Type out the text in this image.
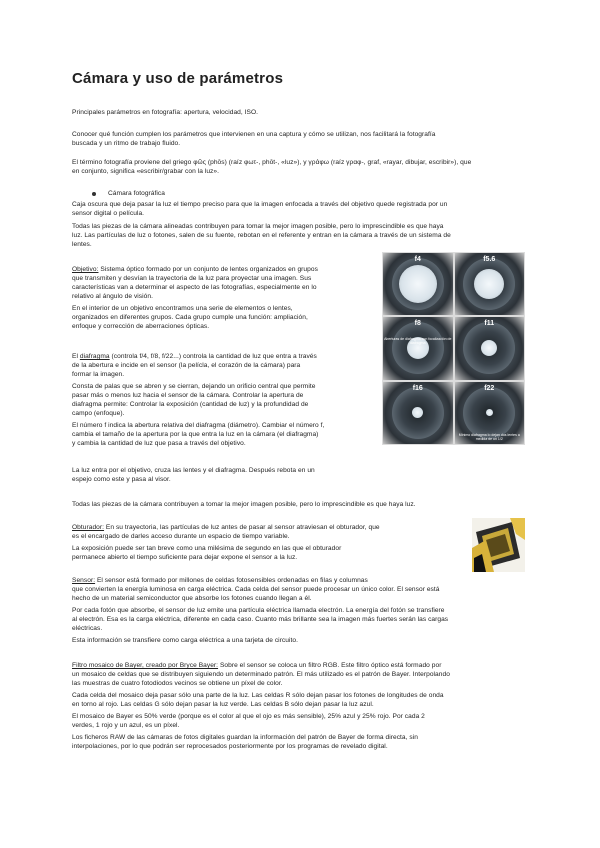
Cámara y uso de parámetros
Principales parámetros en fotografía: apertura, velocidad, ISO.
Conocer qué función cumplen los parámetros que intervienen en una captura y cómo se utilizan, nos facilitará la fotografía
buscada y un ritmo de trabajo fluido.
El término fotografía proviene del griego φῶς (phōs) (raíz φωτ-, phōt-, «luz»), y γράφω (raíz γραφ-, graf, «rayar, dibujar, escribir»), que
en conjunto, significa «escribir/grabar con la luz».
Cámara fotográfica
Caja oscura que deja pasar la luz el tiempo preciso para que la imagen enfocada a través del objetivo quede registrada por un
sensor digital o película.
Todas las piezas de la cámara alineadas contribuyen para tomar la mejor imagen posible, pero lo imprescindible es que haya
luz. Las partículas de luz o fotones, salen de su fuente, rebotan en el referente y entran en la cámara a través de un sistema de
lentes.
Objetivo: Sistema óptico formado por un conjunto de lentes organizados en grupos
que transmiten y desvían la trayectoria de la luz para proyectar una imagen. Sus
características van a determinar el aspecto de las fotografías, especialmente en lo
relativo al ángulo de visión.
En el interior de un objetivo encontramos una serie de elementos o lentes,
organizados en diferentes grupos. Cada grupo cumple una función: ampliación,
enfoque y corrección de aberraciones ópticas.
El diafragma (controla f/4, f/8, f/22...) controla la cantidad de luz que entra a través
de la abertura e incide en el sensor (la pelícla, el corazón de la cámara) para
formar la imagen.
Consta de palas que se abren y se cierran, dejando un orificio central que permite
pasar más o menos luz hacia el sensor de la cámara. Controlar la apertura de
diafragma permite: Controlar la exposición (cantidad de luz) y la profundidad de
campo (enfoque).
El número f indica la abertura relativa del diafragma (diámetro). Cambiar el número f,
cambia el tamaño de la apertura por la que entra la luz en la cámara (el diafragma)
y cambia la cantidad de luz que pasa a través del objetivo.
La luz entra por el objetivo, cruza las lentes y el diafragma. Después rebota en un
espejo como este y pasa al visor.
Todas las piezas de la cámara contribuyen a tomar la mejor imagen posible, pero lo imprescindible es que haya luz.
f4	f5.6
f8
Aberturas de diafragma con focalización de diafragma
f11
f16	f22
Mínimo diafragma lo dejan dos lentes a medida de un 1/2
Obturador: En su trayectoria, las partículas de luz antes de pasar al sensor atraviesan el obturador, que
es el encargado de darles acceso durante un espacio de tiempo variable.
La exposición puede ser tan breve como una milésima de segundo en las que el obturador
permanece abierto el tiempo suficiente para dejar expone el sensor a la luz.
Sensor: El sensor está formado por millones de celdas fotosensibles ordenadas en filas y columnas
que convierten la energía luminosa en carga eléctrica. Cada celda del sensor puede procesar un único color. El sensor está
hecho de un material semiconductor que absorbe los fotones cuando llegan a él.
Por cada fotón que absorbe, el sensor de luz emite una partícula eléctrica llamada electrón. La energía del fotón se transfiere
al electrón. Esa es la carga eléctrica, diferente en cada caso. Cuanto más brillante sea la imagen más fuertes serán las cargas
eléctricas.
Esta información se transfiere como carga eléctrica a una tarjeta de circuito.
Filtro mosaico de Bayer, creado por Bryce Bayer: Sobre el sensor se coloca un filtro RGB. Este filtro óptico está formado por
un mosaico de celdas que se distribuyen siguiendo un determinado patrón. El más utilizado es el patrón de Bayer. Interpolando
las muestras de cuatro fotodiodos vecinos se obtiene un píxel de color.
Cada celda del mosaico deja pasar sólo una parte de la luz. Las celdas R sólo dejan pasar los fotones de longitudes de onda
en torno al rojo. Las celdas G sólo dejan pasar la luz verde. Las celdas B sólo dejan pasar la luz azul.
El mosaico de Bayer es 50% verde (porque es el color al que el ojo es más sensible), 25% azul y 25% rojo. Por cada 2
verdes, 1 rojo y un azul, es un píxel.
Los ficheros RAW de las cámaras de fotos digitales guardan la información del patrón de Bayer de forma directa, sin
interpolaciones, por lo que podrán ser reprocesados posteriormente por los programas de revelado digital.
